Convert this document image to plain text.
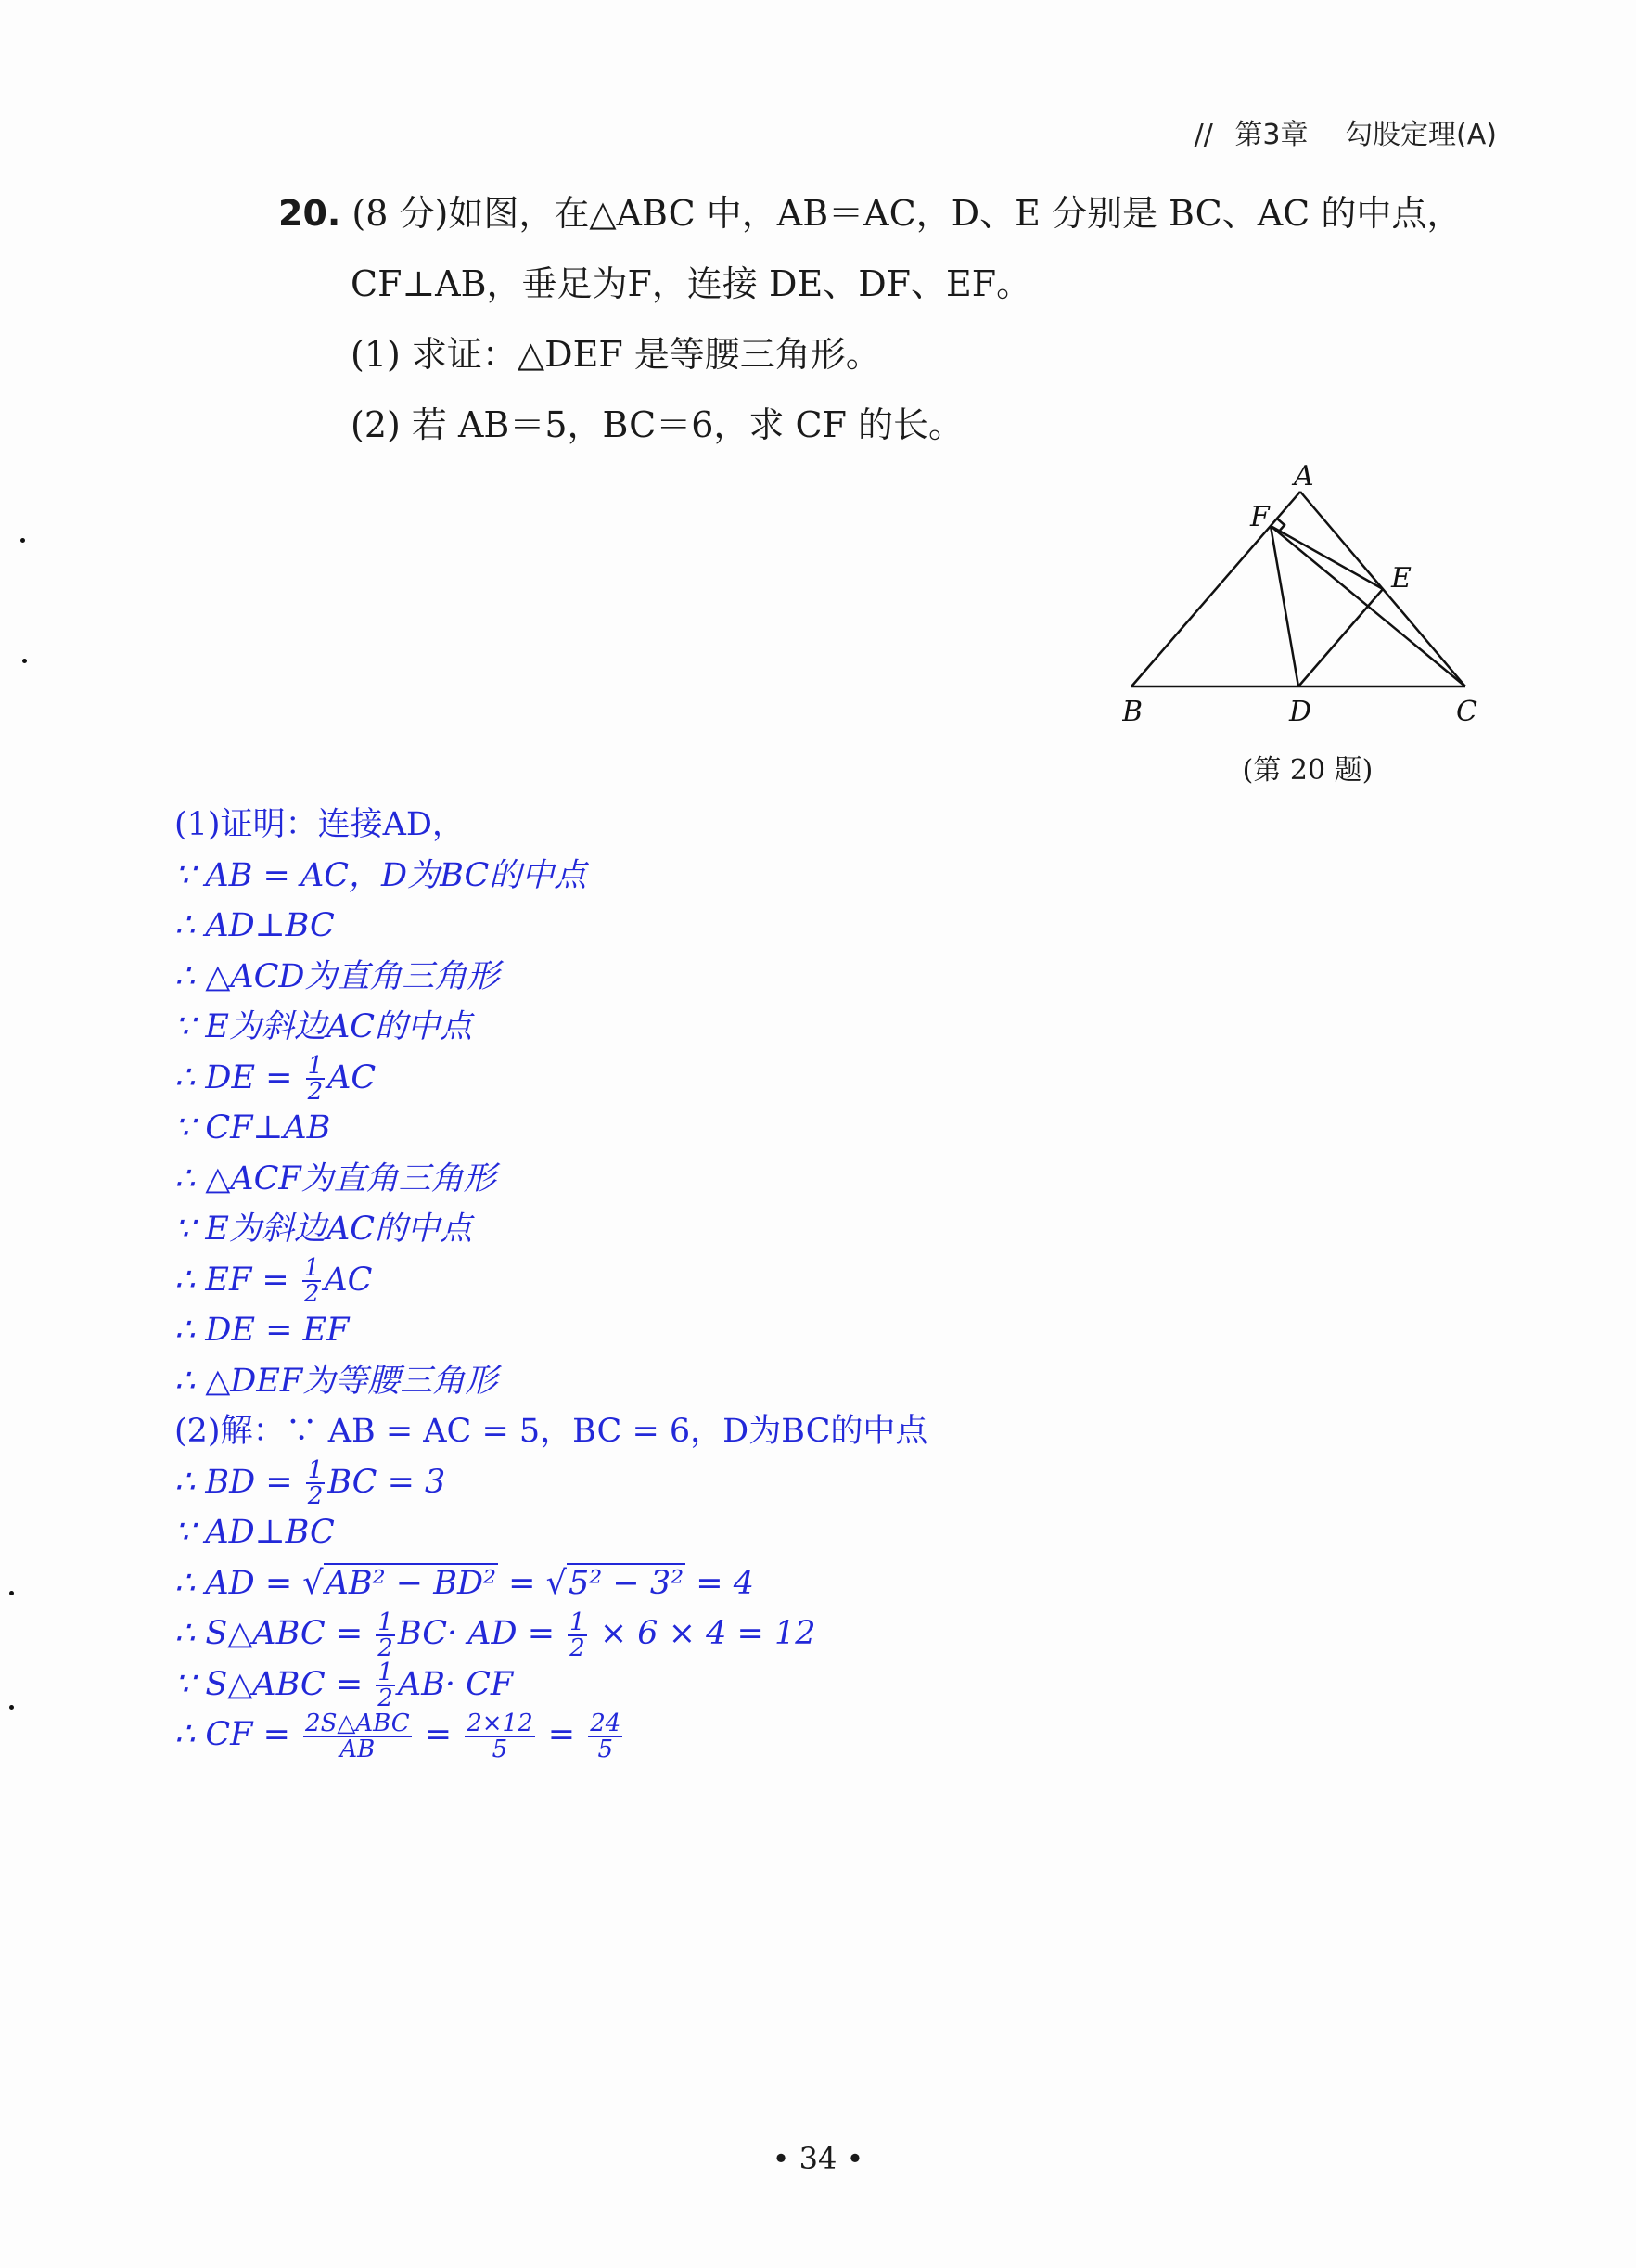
// 第3章 勾股定理(A)
20. (8 分)如图，在△ABC 中，AB＝AC，D、E 分别是 BC、AC 的中点，
CF⊥AB，垂足为F，连接 DE、DF、EF。
(1) 求证：△DEF 是等腰三角形。
(2) 若 AB＝5，BC＝6，求 CF 的长。
A
B	C
D
E
F
(第 20 题)
(1)证明：连接AD，
∵ AB = AC，D为BC的中点
∴ AD⊥BC
∴ △ACD为直角三角形
∵ E为斜边AC的中点
∴ DE = $\frac{1}{2}$ AC
∵ CF⊥AB
∴ △ACF为直角三角形
∵ E为斜边AC的中点
∴ EF = $\frac{1}{2}$ AC
∴ DE = EF
∴ △DEF为等腰三角形
(2)解：∵ AB = AC = 5，BC = 6，D为BC的中点
∴ BD = $\frac{1}{2}$ BC = 3
∵ AD⊥BC
∴ AD = √AB² − BD² = √5² − 3² = 4
∴ S△ABC = $\frac{1}{2} BC\cdot$ AD = $\frac{1}{2} \times 6 \times 4 = 12$
∵ S△ABC = $\frac{1}{2} AB\cdot$ CF
∴ CF = $\frac{\text{2S△ABC}}{AB} = \frac{2\times 12}{5} = \frac{24}{5}$
• 34 •
